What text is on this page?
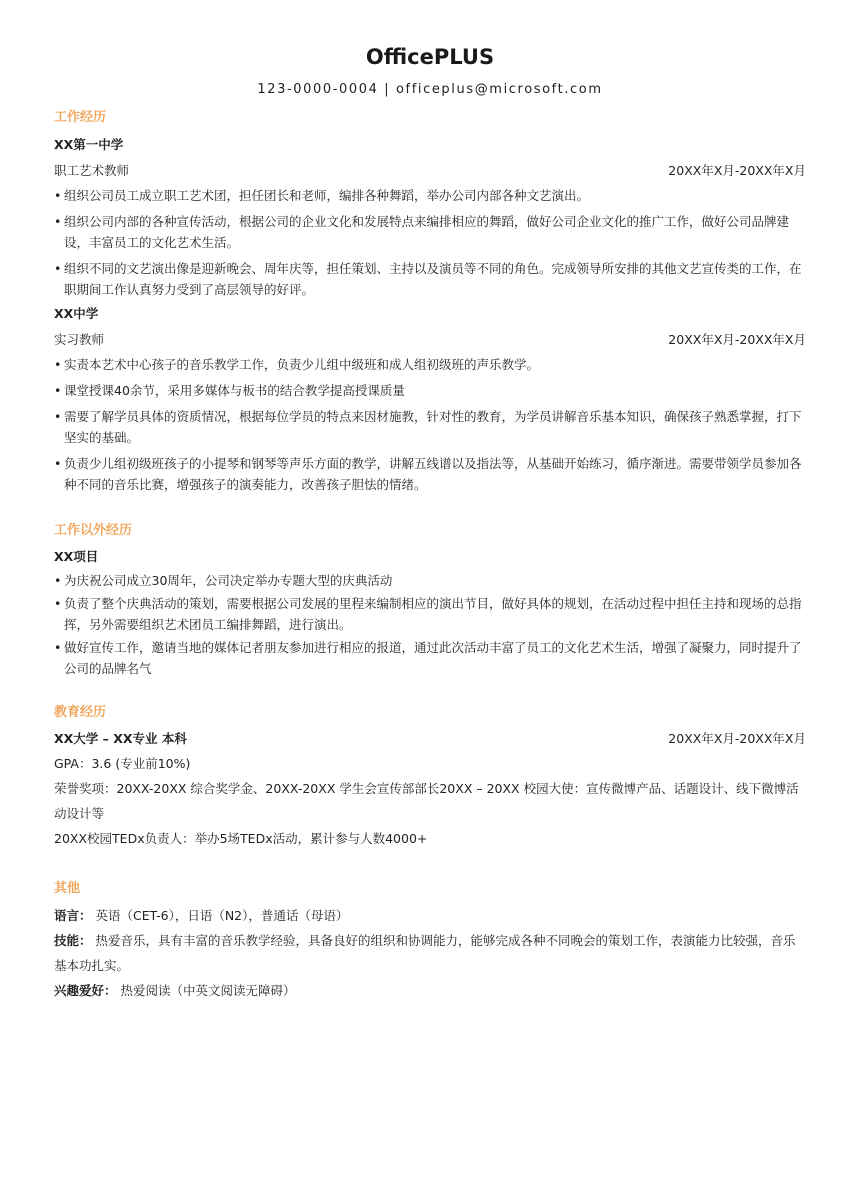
OfficePLUS
123-0000-0004 | officeplus@microsoft.com
工作经历
XX第一中学
职工艺术教师	20XX年X月-20XX年X月
• 组织公司员工成立职工艺术团，担任团长和老师，编排各种舞蹈，举办公司内部各种文艺演出。
• 组织公司内部的各种宣传活动，根据公司的企业文化和发展特点来编排相应的舞蹈，做好公司企业文化的推广工作，做好公司品牌建设，丰富员工的文化艺术生活。
• 组织不同的文艺演出像是迎新晚会、周年庆等，担任策划、主持以及演员等不同的角色。完成领导所安排的其他文艺宣传类的工作，在职期间工作认真努力受到了高层领导的好评。
XX中学
实习教师	20XX年X月-20XX年X月
• 实责本艺术中心孩子的音乐教学工作，负责少儿组中级班和成人组初级班的声乐教学。
• 课堂授课40余节，采用多媒体与板书的结合教学提高授课质量
• 需要了解学员具体的资质情况，根据每位学员的特点来因材施教，针对性的教育，为学员讲解音乐基本知识，确保孩子熟悉掌握，打下坚实的基础。
• 负责少儿组初级班孩子的小提琴和钢琴等声乐方面的教学，讲解五线谱以及指法等，从基础开始练习，循序渐进。需要带领学员参加各种不同的音乐比赛，增强孩子的演奏能力，改善孩子胆怯的情绪。
工作以外经历
XX项目
• 为庆祝公司成立30周年，公司决定举办专题大型的庆典活动
• 负责了整个庆典活动的策划，需要根据公司发展的里程来编制相应的演出节目，做好具体的规划，在活动过程中担任主持和现场的总指挥，另外需要组织艺术团员工编排舞蹈，进行演出。
• 做好宣传工作，邀请当地的媒体记者朋友参加进行相应的报道，通过此次活动丰富了员工的文化艺术生活，增强了凝聚力，同时提升了公司的品牌名气
教育经历
XX大学 – XX专业 本科	20XX年X月-20XX年X月
GPA：3.6 (专业前10%)
荣誉奖项：20XX-20XX 综合奖学金、20XX-20XX 学生会宣传部部长20XX – 20XX 校园大使：宣传微博产品、话题设计、线下微博活动设计等
20XX校园TEDx负责人：举办5场TEDx活动，累计参与人数4000+
其他
语言： 英语（CET-6），日语（N2），普通话（母语）
技能： 热爱音乐，具有丰富的音乐教学经验，具备良好的组织和协调能力，能够完成各种不同晚会的策划工作，表演能力比较强，音乐基本功扎实。
兴趣爱好： 热爱阅读（中英文阅读无障碍）
